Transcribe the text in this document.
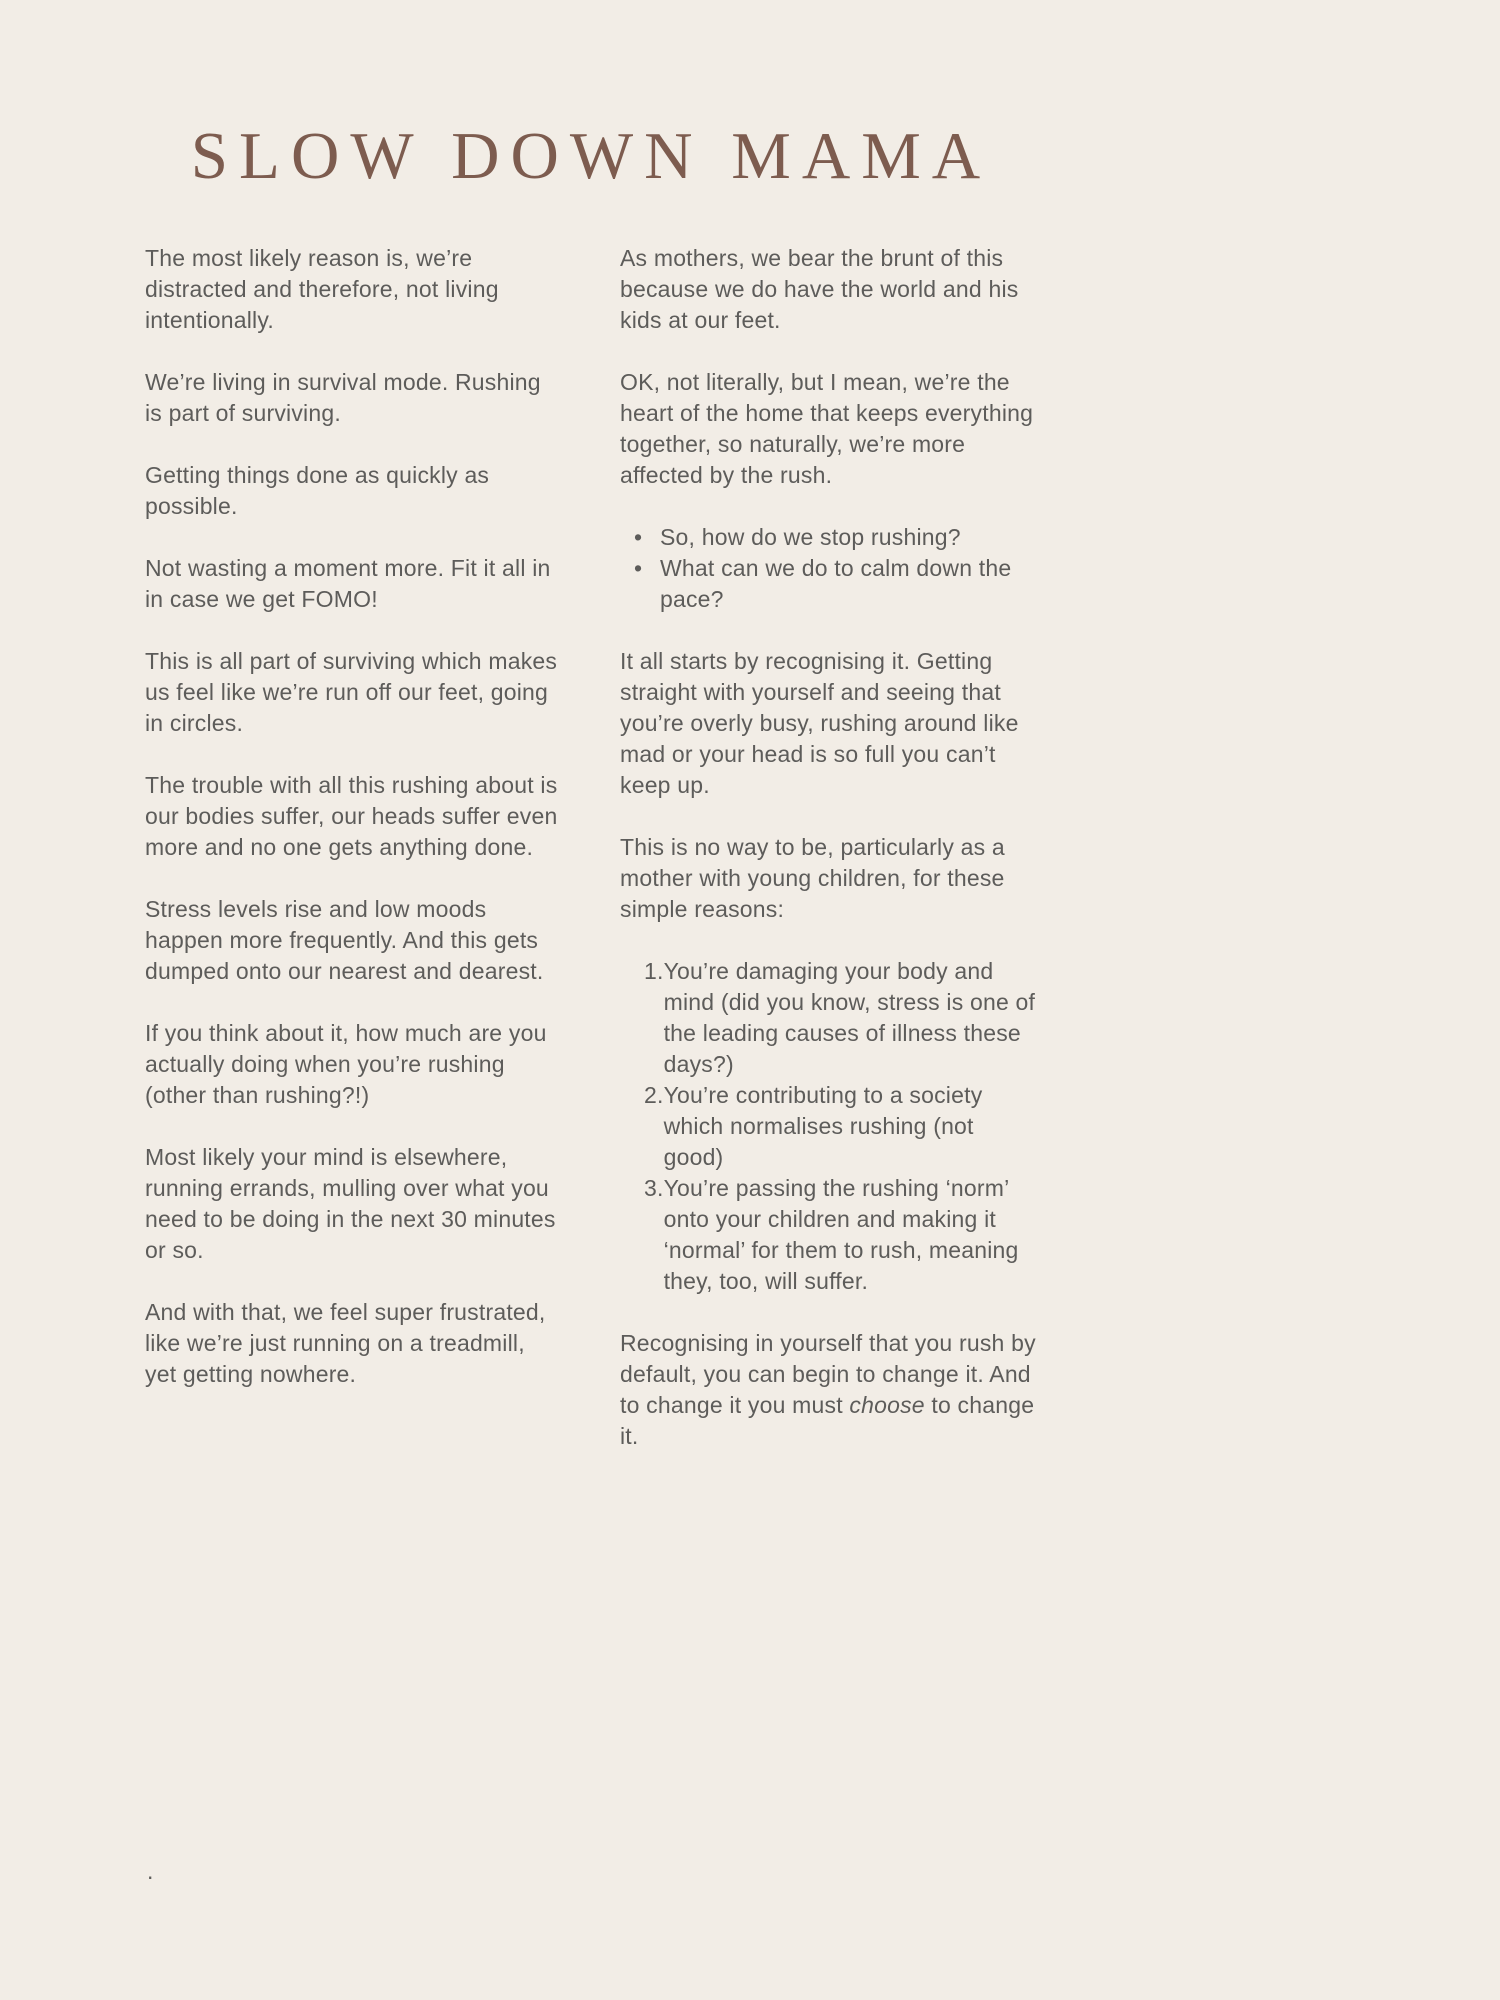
SLOW DOWN MAMA

The most likely reason is, we’re distracted and therefore, not living intentionally.

We’re living in survival mode. Rushing is part of surviving.

Getting things done as quickly as possible.

Not wasting a moment more. Fit it all in in case we get FOMO!

This is all part of surviving which makes us feel like we’re run off our feet, going in circles.

The trouble with all this rushing about is our bodies suffer, our heads suffer even more and no one gets anything done.

Stress levels rise and low moods happen more frequently. And this gets dumped onto our nearest and dearest.

If you think about it, how much are you actually doing when you’re rushing (other than rushing?!)

Most likely your mind is elsewhere, running errands, mulling over what you need to be doing in the next 30 minutes or so.

And with that, we feel super frustrated, like we’re just running on a treadmill, yet getting nowhere.

As mothers, we bear the brunt of this because we do have the world and his kids at our feet.

OK, not literally, but I mean, we’re the heart of the home that keeps everything together, so naturally, we’re more affected by the rush.

• So, how do we stop rushing?
• What can we do to calm down the pace?

It all starts by recognising it. Getting straight with yourself and seeing that you’re overly busy, rushing around like mad or your head is so full you can’t keep up.

This is no way to be, particularly as a mother with young children, for these simple reasons:

1. You’re damaging your body and mind (did you know, stress is one of the leading causes of illness these days?)
2. You’re contributing to a society which normalises rushing (not good)
3. You’re passing the rushing ‘norm’ onto your children and making it ‘normal’ for them to rush, meaning they, too, will suffer.

Recognising in yourself that you rush by default, you can begin to change it. And to change it you must choose to change it.

.
